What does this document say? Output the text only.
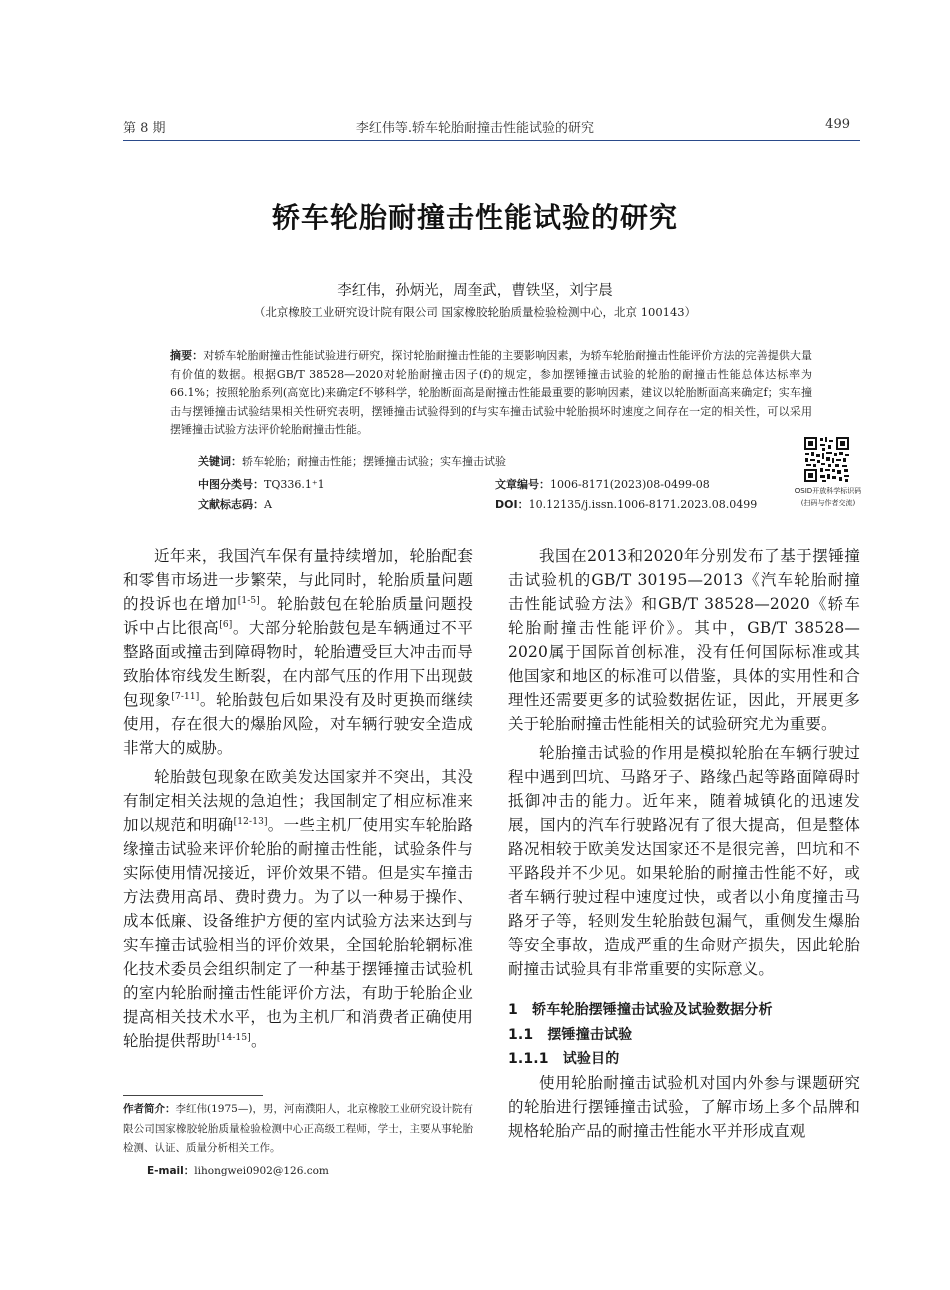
第 8 期	李红伟等.轿车轮胎耐撞击性能试验的研究	499
轿车轮胎耐撞击性能试验的研究
李红伟，孙炳光，周奎武，曹铁坚，刘宇晨
（北京橡胶工业研究设计院有限公司 国家橡胶轮胎质量检验检测中心，北京 100143）
摘要：对轿车轮胎耐撞击性能试验进行研究，探讨轮胎耐撞击性能的主要影响因素，为轿车轮胎耐撞击性能评价方法的完善提供大量有价值的数据。根据GB/T 38528—2020对轮胎耐撞击因子(f)的规定，参加摆锤撞击试验的轮胎的耐撞击性能总体达标率为66.1%；按照轮胎系列(高宽比)来确定f不够科学，轮胎断面高是耐撞击性能最重要的影响因素，建议以轮胎断面高来确定f；实车撞击与摆锤撞击试验结果相关性研究表明，摆锤撞击试验得到的f与实车撞击试验中轮胎损坏时速度之间存在一定的相关性，可以采用摆锤撞击试验方法评价轮胎耐撞击性能。
关键词：轿车轮胎；耐撞击性能；摆锤撞击试验；实车撞击试验
中图分类号：TQ336.1⁺1
文献标志码：A
文章编号：1006-8171(2023)08-0499-08
DOI：10.12135/j.issn.1006-8171.2023.08.0499
OSID开放科学标识码
(扫码与作者交流)

近年来，我国汽车保有量持续增加，轮胎配套和零售市场进一步繁荣，与此同时，轮胎质量问题的投诉也在增加[1-5]。轮胎鼓包在轮胎质量问题投诉中占比很高[6]。大部分轮胎鼓包是车辆通过不平整路面或撞击到障碍物时，轮胎遭受巨大冲击而导致胎体帘线发生断裂，在内部气压的作用下出现鼓包现象[7-11]。轮胎鼓包后如果没有及时更换而继续使用，存在很大的爆胎风险，对车辆行驶安全造成非常大的威胁。

轮胎鼓包现象在欧美发达国家并不突出，其没有制定相关法规的急迫性；我国制定了相应标准来加以规范和明确[12-13]。一些主机厂使用实车轮胎路缘撞击试验来评价轮胎的耐撞击性能，试验条件与实际使用情况接近，评价效果不错。但是实车撞击方法费用高昂、费时费力。为了以一种易于操作、成本低廉、设备维护方便的室内试验方法来达到与实车撞击试验相当的评价效果，全国轮胎轮辋标准化技术委员会组织制定了一种基于摆锤撞击试验机的室内轮胎耐撞击性能评价方法，有助于轮胎企业提高相关技术水平，也为主机厂和消费者正确使用轮胎提供帮助[14-15]。

作者简介：李红伟(1975—)，男，河南濮阳人，北京橡胶工业研究设计院有限公司国家橡胶轮胎质量检验检测中心正高级工程师，学士，主要从事轮胎检测、认证、质量分析相关工作。
E-mail：lihongwei0902@126.com

我国在2013和2020年分别发布了基于摆锤撞击试验机的GB/T 30195—2013《汽车轮胎耐撞击性能试验方法》和GB/T 38528—2020《轿车轮胎耐撞击性能评价》。其中，GB/T 38528—2020属于国际首创标准，没有任何国际标准或其他国家和地区的标准可以借鉴，具体的实用性和合理性还需要更多的试验数据佐证，因此，开展更多关于轮胎耐撞击性能相关的试验研究尤为重要。

轮胎撞击试验的作用是模拟轮胎在车辆行驶过程中遇到凹坑、马路牙子、路缘凸起等路面障碍时抵御冲击的能力。近年来，随着城镇化的迅速发展，国内的汽车行驶路况有了很大提高，但是整体路况相较于欧美发达国家还不是很完善，凹坑和不平路段并不少见。如果轮胎的耐撞击性能不好，或者车辆行驶过程中速度过快，或者以小角度撞击马路牙子等，轻则发生轮胎鼓包漏气，重侧发生爆胎等安全事故，造成严重的生命财产损失，因此轮胎耐撞击试验具有非常重要的实际意义。

1　轿车轮胎摆锤撞击试验及试验数据分析
1.1　摆锤撞击试验
1.1.1　试验目的

使用轮胎耐撞击试验机对国内外参与课题研究的轮胎进行摆锤撞击试验，了解市场上多个品牌和规格轮胎产品的耐撞击性能水平并形成直观
